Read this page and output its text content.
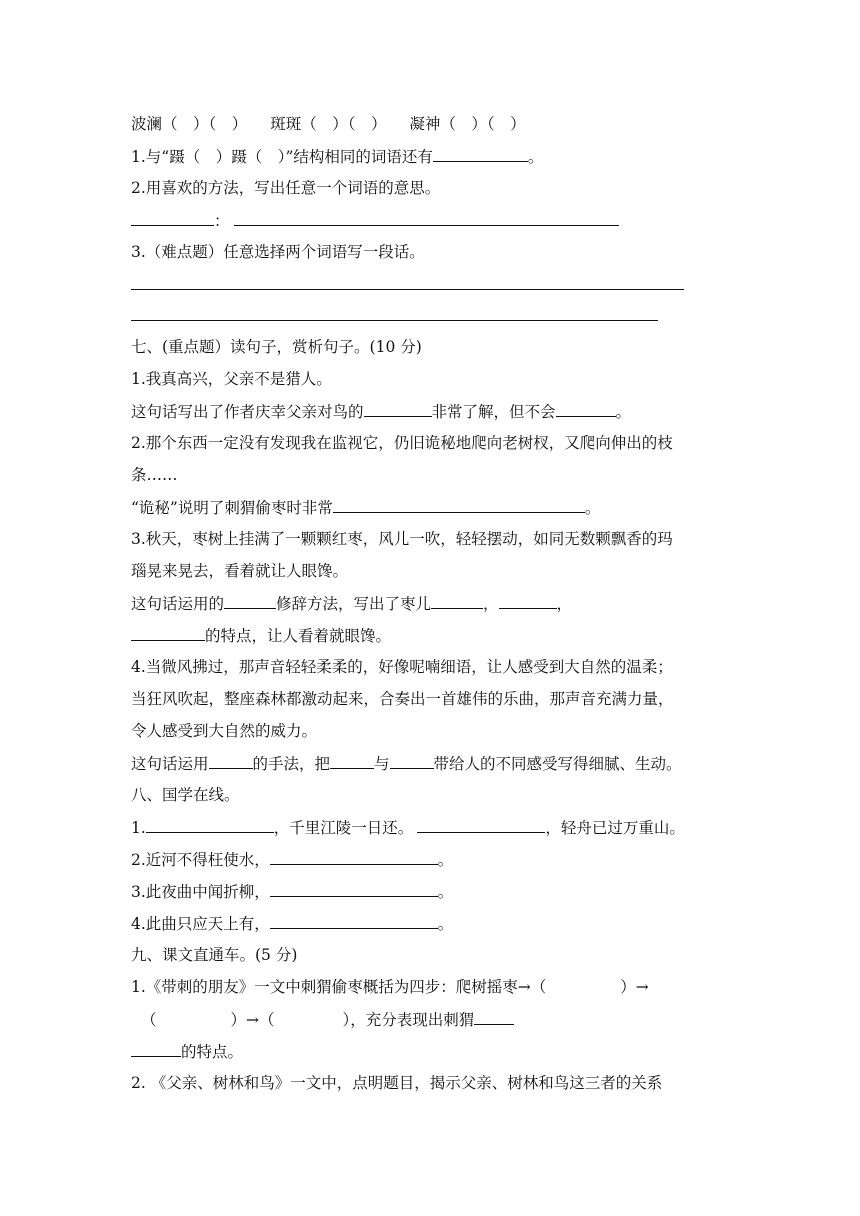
波澜（　）（　） 斑斑（　）（　） 凝神（　）（　）
1.与“蹑（　）蹑（　）”结构相同的词语还有	。
2.用喜欢的方法，写出任意一个词语的意思。
：
3.（难点题）任意选择两个词语写一段话。
七、(重点题）读句子，赏析句子。(10 分)
1.我真高兴，父亲不是猎人。
这句话写出了作者庆幸父亲对鸟的	非常了解，但不会	。
2.那个东西一定没有发现我在监视它，仍旧诡秘地爬向老树杈，又爬向伸出的枝
条……
“诡秘”说明了刺猬偷枣时非常	。
3.秋天，枣树上挂满了一颗颗红枣，风儿一吹，轻轻摆动，如同无数颗飘香的玛
瑙晃来晃去，看着就让人眼馋。
这句话运用的	修辞方法，写出了枣儿	，	，
的特点，让人看着就眼馋。
4.当微风拂过，那声音轻轻柔柔的，好像呢喃细语，让人感受到大自然的温柔；
当狂风吹起，整座森林都激动起来，合奏出一首雄伟的乐曲，那声音充满力量，
令人感受到大自然的威力。
这句话运用	的手法，把	与	带给人的不同感受写得细腻、生动。
八、国学在线。
1.	，千里江陵一日还。	，轻舟已过万重山。
2.近河不得枉使水，	。
3.此夜曲中闻折柳，	。
4.此曲只应天上有，	。
九、课文直通车。(5 分)
1.《带刺的朋友》一文中刺猬偷枣概括为四步：爬树摇枣→（	）→
（	）→（	），充分表现出刺猬
的特点。
2. 《父亲、树林和鸟》一文中，点明题目，揭示父亲、树林和鸟这三者的关系
